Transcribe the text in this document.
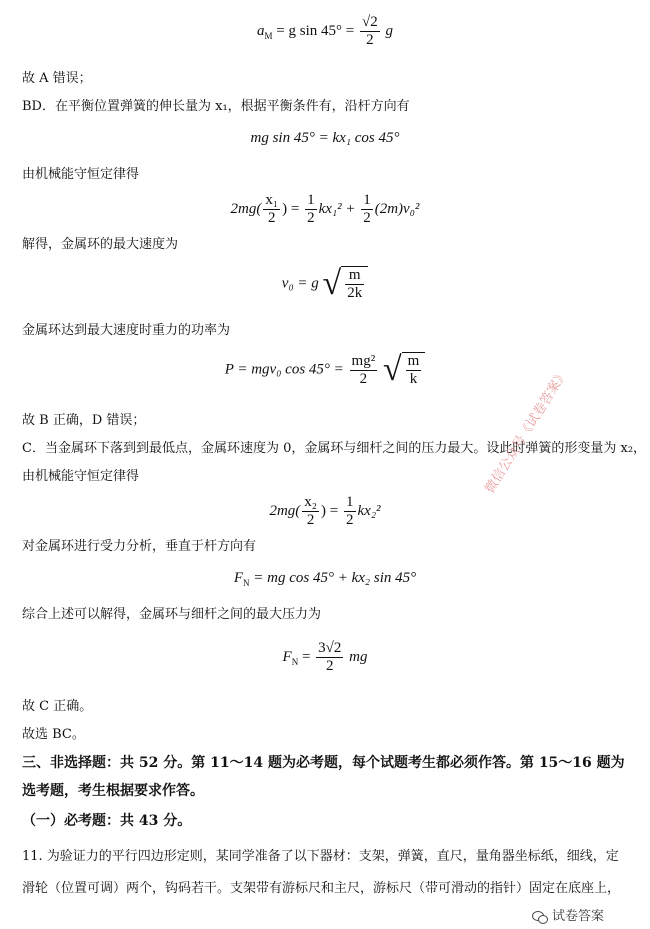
$a_M = g$ $\sin 45^\circ = \frac{√2}{2}$ g
故 A 错误；
BD．在平衡位置弹簧的伸长量为 x₁，根据平衡条件有，沿杆方向有
mg sin 45° = kx₁ cos 45°
由机械能守恒定律得
$2mg( \frac{\text{x₁}}{2}$ ) = $\frac{1}{2} kx_1^2 + \frac{1}{2} (2m)v_0^2$
解得，金属环的最大速度为
v₀ = g √ $\frac{m}{2k}$
金属环达到最大速度时重力的功率为
P = mgv₀ $\cos 45^\circ = \frac{\text{mg²}}{2}$
√ $\frac{m}{k}$
故 B 正确，D 错误；
C．当金属环下落到到最低点，金属环速度为 0，金属环与细杆之间的压力最大。设此时弹簧的形变量为 x₂，
由机械能守恒定律得
$2mg( \frac{\text{x₂}}{2}$ ) = $\frac{1}{2} kx_2^2$
对金属环进行受力分析，垂直于杆方向有
$F_N$ = mg cos 45° + kx₂ sin 45°
综合上述可以解得，金属环与细杆之间的最大压力为
$F_N = \frac{3√2}{2}$ mg
故 C 正确。
故选 BC。
三、非选择题：共 52 分。第 11～14 题为必考题，每个试题考生都必须作答。第 15～16 题为
选考题，考生根据要求作答。
（一）必考题：共 43 分。
11. 为验证力的平行四边形定则，某同学准备了以下器材：支架，弹簧，直尺，量角器坐标纸，细线，定
滑轮（位置可调）两个，钩码若干。支架带有游标尺和主尺，游标尺（带可滑动的指针）固定在底座上，
微信公众号《试卷答案》
试卷答案
